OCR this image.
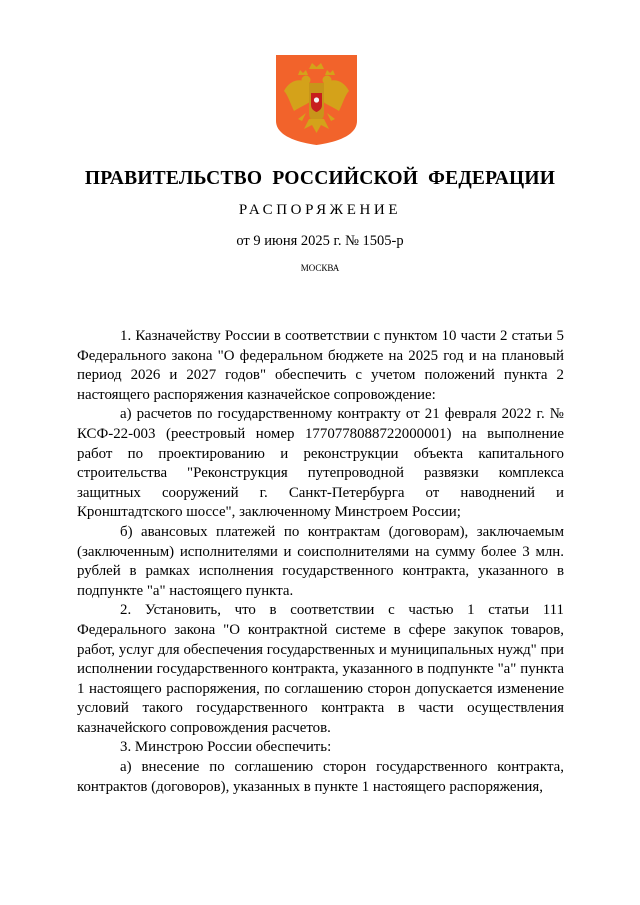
ПРАВИТЕЛЬСТВО РОССИЙСКОЙ ФЕДЕРАЦИИ
РАСПОРЯЖЕНИЕ
от 9 июня 2025 г. № 1505-р
МОСКВА

1. Казначейству России в соответствии с пунктом 10 части 2 статьи 5 Федерального закона "О федеральном бюджете на 2025 год и на плановый период 2026 и 2027 годов" обеспечить с учетом положений пункта 2 настоящего распоряжения казначейское сопровождение:

а) расчетов по государственному контракту от 21 февраля 2022 г. № КСФ-22-003 (реестровый номер 1770778088722000001) на выполнение работ по проектированию и реконструкции объекта капитального строительства "Реконструкция путепроводной развязки комплекса защитных сооружений г. Санкт-Петербурга от наводнений и Кронштадтского шоссе", заключенному Минстроем России;

б) авансовых платежей по контрактам (договорам), заключаемым (заключенным) исполнителями и соисполнителями на сумму более 3 млн. рублей в рамках исполнения государственного контракта, указанного в подпункте "а" настоящего пункта.

2. Установить, что в соответствии с частью 1 статьи 111 Федерального закона "О контрактной системе в сфере закупок товаров, работ, услуг для обеспечения государственных и муниципальных нужд" при исполнении государственного контракта, указанного в подпункте "а" пункта 1 настоящего распоряжения, по соглашению сторон допускается изменение условий такого государственного контракта в части осуществления казначейского сопровождения расчетов.

3. Минстрою России обеспечить:

а) внесение по соглашению сторон государственного контракта, контрактов (договоров), указанных в пункте 1 настоящего распоряжения,
